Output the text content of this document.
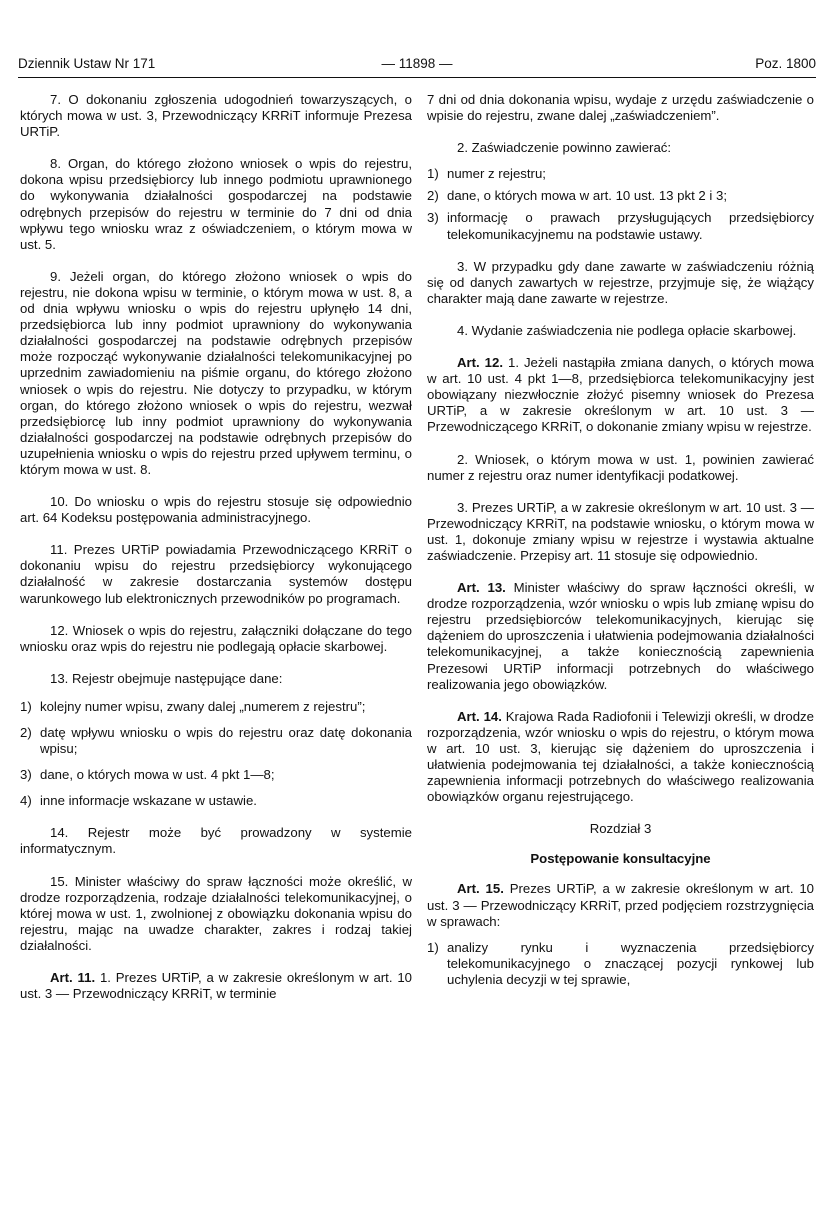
Dziennik Ustaw Nr 171	— 11898 —	Poz. 1800

7. O dokonaniu zgłoszenia udogodnień towarzyszących, o których mowa w ust. 3, Przewodniczący KRRiT informuje Prezesa URTiP.

8. Organ, do którego złożono wniosek o wpis do rejestru, dokona wpisu przedsiębiorcy lub innego podmiotu uprawnionego do wykonywania działalności gospodarczej na podstawie odrębnych przepisów do rejestru w terminie do 7 dni od dnia wpływu tego wniosku wraz z oświadczeniem, o którym mowa w ust. 5.

9. Jeżeli organ, do którego złożono wniosek o wpis do rejestru, nie dokona wpisu w terminie, o którym mowa w ust. 8, a od dnia wpływu wniosku o wpis do rejestru upłynęło 14 dni, przedsiębiorca lub inny podmiot uprawniony do wykonywania działalności gospodarczej na podstawie odrębnych przepisów może rozpocząć wykonywanie działalności telekomunikacyjnej po uprzednim zawiadomieniu na piśmie organu, do którego złożono wniosek o wpis do rejestru. Nie dotyczy to przypadku, w którym organ, do którego złożono wniosek o wpis do rejestru, wezwał przedsiębiorcę lub inny podmiot uprawniony do wykonywania działalności gospodarczej na podstawie odrębnych przepisów do uzupełnienia wniosku o wpis do rejestru przed upływem terminu, o którym mowa w ust. 8.

10. Do wniosku o wpis do rejestru stosuje się odpowiednio art. 64 Kodeksu postępowania administracyjnego.

11. Prezes URTiP powiadamia Przewodniczącego KRRiT o dokonaniu wpisu do rejestru przedsiębiorcy wykonującego działalność w zakresie dostarczania systemów dostępu warunkowego lub elektronicznych przewodników po programach.

12. Wniosek o wpis do rejestru, załączniki dołączane do tego wniosku oraz wpis do rejestru nie podlegają opłacie skarbowej.

13. Rejestr obejmuje następujące dane:

1) kolejny numer wpisu, zwany dalej „numerem z rejestru”;
2) datę wpływu wniosku o wpis do rejestru oraz datę dokonania wpisu;
3) dane, o których mowa w ust. 4 pkt 1—8;
4) inne informacje wskazane w ustawie.

14. Rejestr może być prowadzony w systemie informatycznym.

15. Minister właściwy do spraw łączności może określić, w drodze rozporządzenia, rodzaje działalności telekomunikacyjnej, o której mowa w ust. 1, zwolnionej z obowiązku dokonania wpisu do rejestru, mając na uwadze charakter, zakres i rodzaj takiej działalności.

Art. 11. 1. Prezes URTiP, a w zakresie określonym w art. 10 ust. 3 — Przewodniczący KRRiT, w terminie

7 dni od dnia dokonania wpisu, wydaje z urzędu zaświadczenie o wpisie do rejestru, zwane dalej „zaświadczeniem”.

2. Zaświadczenie powinno zawierać:

1) numer z rejestru;
2) dane, o których mowa w art. 10 ust. 13 pkt 2 i 3;
3) informację o prawach przysługujących przedsiębiorcy telekomunikacyjnemu na podstawie ustawy.

3. W przypadku gdy dane zawarte w zaświadczeniu różnią się od danych zawartych w rejestrze, przyjmuje się, że wiążący charakter mają dane zawarte w rejestrze.

4. Wydanie zaświadczenia nie podlega opłacie skarbowej.

Art. 12. 1. Jeżeli nastąpiła zmiana danych, o których mowa w art. 10 ust. 4 pkt 1—8, przedsiębiorca telekomunikacyjny jest obowiązany niezwłocznie złożyć pisemny wniosek do Prezesa URTiP, a w zakresie określonym w art. 10 ust. 3 — Przewodniczącego KRRiT, o dokonanie zmiany wpisu w rejestrze.

2. Wniosek, o którym mowa w ust. 1, powinien zawierać numer z rejestru oraz numer identyfikacji podatkowej.

3. Prezes URTiP, a w zakresie określonym w art. 10 ust. 3 — Przewodniczący KRRiT, na podstawie wniosku, o którym mowa w ust. 1, dokonuje zmiany wpisu w rejestrze i wystawia aktualne zaświadczenie. Przepisy art. 11 stosuje się odpowiednio.

Art. 13. Minister właściwy do spraw łączności określi, w drodze rozporządzenia, wzór wniosku o wpis lub zmianę wpisu do rejestru przedsiębiorców telekomunikacyjnych, kierując się dążeniem do uproszczenia i ułatwienia podejmowania działalności telekomunikacyjnej, a także koniecznością zapewnienia Prezesowi URTiP informacji potrzebnych do właściwego realizowania jego obowiązków.

Art. 14. Krajowa Rada Radiofonii i Telewizji określi, w drodze rozporządzenia, wzór wniosku o wpis do rejestru, o którym mowa w art. 10 ust. 3, kierując się dążeniem do uproszczenia i ułatwienia podejmowania tej działalności, a także koniecznością zapewnienia informacji potrzebnych do właściwego realizowania obowiązków organu rejestrującego.

Rozdział 3
Postępowanie konsultacyjne

Art. 15. Prezes URTiP, a w zakresie określonym w art. 10 ust. 3 — Przewodniczący KRRiT, przed podjęciem rozstrzygnięcia w sprawach:

1) analizy rynku i wyznaczenia przedsiębiorcy telekomunikacyjnego o znaczącej pozycji rynkowej lub uchylenia decyzji w tej sprawie,
